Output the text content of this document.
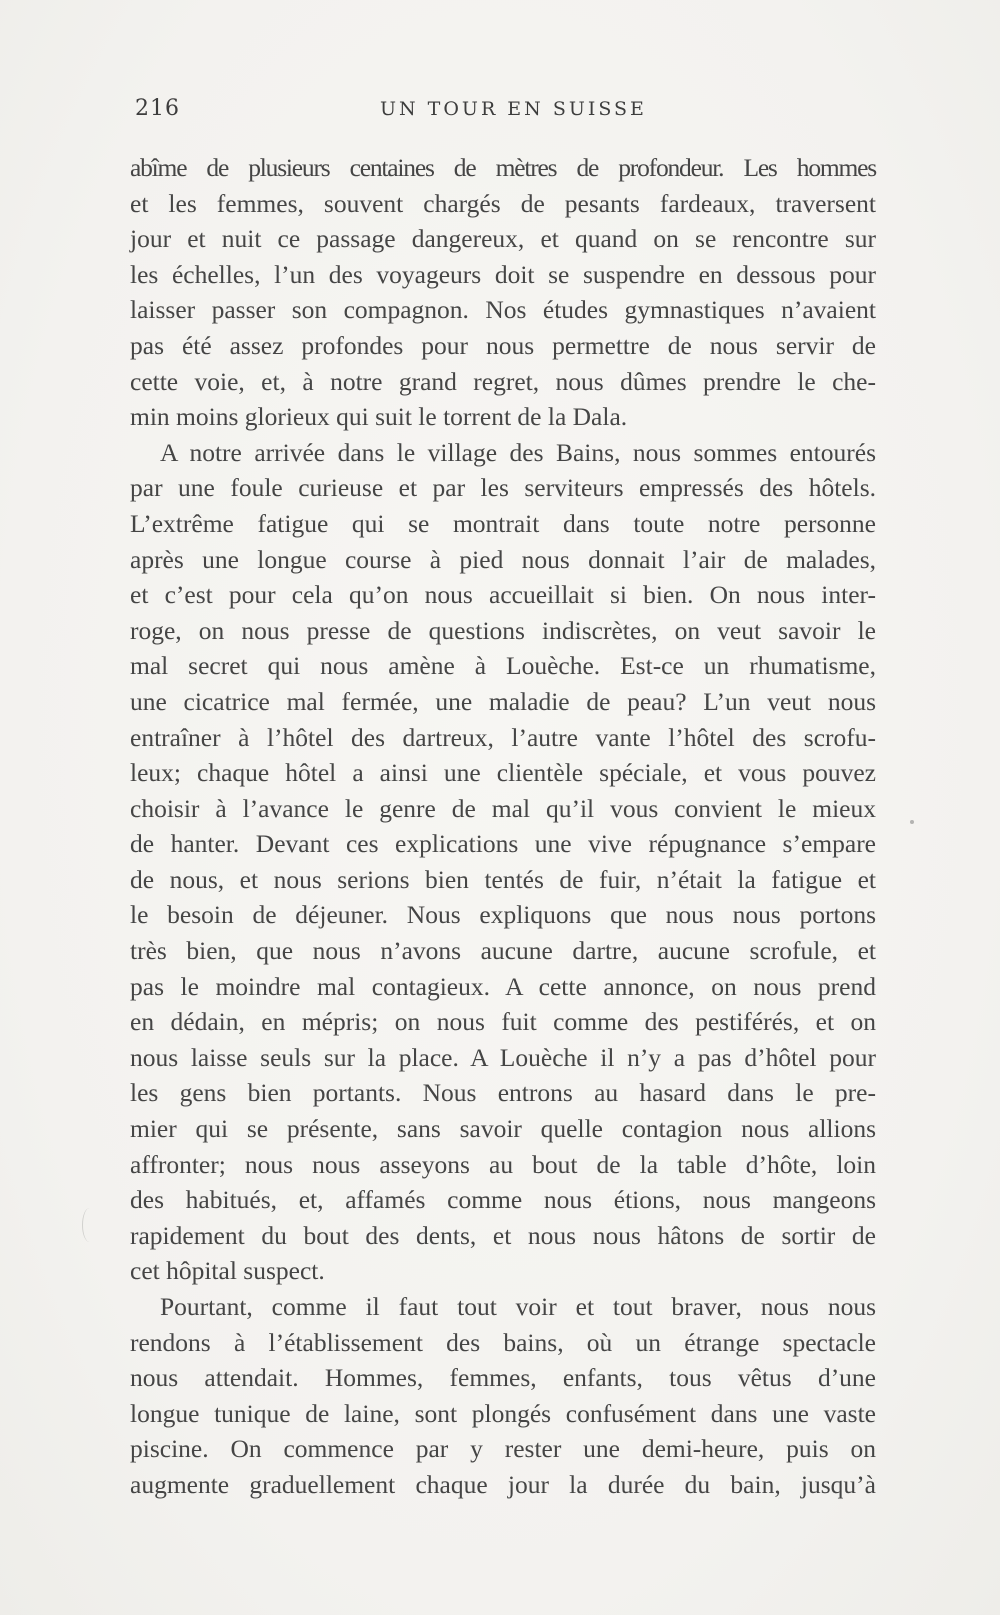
216	UN TOUR EN SUISSE
abîme de plusieurs centaines de mètres de profondeur. Les hommes
et les femmes, souvent chargés de pesants fardeaux, traversent
jour et nuit ce passage dangereux, et quand on se rencontre sur
les échelles, l’un des voyageurs doit se suspendre en dessous pour
laisser passer son compagnon. Nos études gymnastiques n’avaient
pas été assez profondes pour nous permettre de nous servir de
cette voie, et, à notre grand regret, nous dûmes prendre le che-
min moins glorieux qui suit le torrent de la Dala.
A notre arrivée dans le village des Bains, nous sommes entourés
par une foule curieuse et par les serviteurs empressés des hôtels.
L’extrême fatigue qui se montrait dans toute notre personne
après une longue course à pied nous donnait l’air de malades,
et c’est pour cela qu’on nous accueillait si bien. On nous inter-
roge, on nous presse de questions indiscrètes, on veut savoir le
mal secret qui nous amène à Louèche. Est-ce un rhumatisme,
une cicatrice mal fermée, une maladie de peau? L’un veut nous
entraîner à l’hôtel des dartreux, l’autre vante l’hôtel des scrofu-
leux; chaque hôtel a ainsi une clientèle spéciale, et vous pouvez
choisir à l’avance le genre de mal qu’il vous convient le mieux
de hanter. Devant ces explications une vive répugnance s’empare
de nous, et nous serions bien tentés de fuir, n’était la fatigue et
le besoin de déjeuner. Nous expliquons que nous nous portons
très bien, que nous n’avons aucune dartre, aucune scrofule, et
pas le moindre mal contagieux. A cette annonce, on nous prend
en dédain, en mépris; on nous fuit comme des pestiférés, et on
nous laisse seuls sur la place. A Louèche il n’y a pas d’hôtel pour
les gens bien portants. Nous entrons au hasard dans le pre-
mier qui se présente, sans savoir quelle contagion nous allions
affronter; nous nous asseyons au bout de la table d’hôte, loin
des habitués, et, affamés comme nous étions, nous mangeons
rapidement du bout des dents, et nous nous hâtons de sortir de
cet hôpital suspect.
Pourtant, comme il faut tout voir et tout braver, nous nous
rendons à l’établissement des bains, où un étrange spectacle
nous attendait. Hommes, femmes, enfants, tous vêtus d’une
longue tunique de laine, sont plongés confusément dans une vaste
piscine. On commence par y rester une demi-heure, puis on
augmente graduellement chaque jour la durée du bain, jusqu’à
